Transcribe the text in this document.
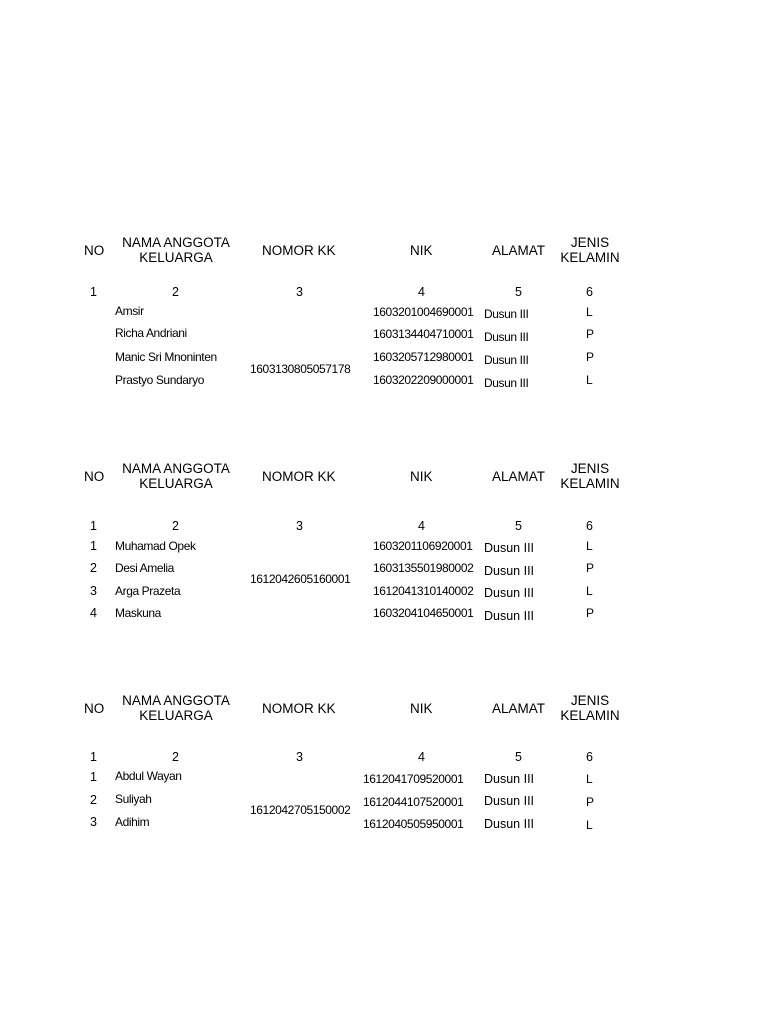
NO
NAMA ANGGOTA KELUARGA	NOMOR KK	NIK	ALAMAT
JENIS KELAMIN
1	2	3	4	5	6
1603130805057178
Amsir	1603201004690001 Dusun III	L
Richa Andriani	1603134404710001 Dusun III	P
Manic Sri Mnoninten	1603205712980001 Dusun III	P
Prastyo Sundaryo	1603202209000001 Dusun III	L
NO
NAMA ANGGOTA KELUARGA	NOMOR KK	NIK	ALAMAT
JENIS KELAMIN
1	2	3	4	5	6
1612042605160001
1 Muhamad Opek	1603201106920001 Dusun III	L
2 Desi Amelia	1603135501980002 Dusun III	P
3 Arga Prazeta	1612041310140002 Dusun III	L
4 Maskuna	1603204104650001 Dusun III	P
NO
NAMA ANGGOTA KELUARGA	NOMOR KK	NIK	ALAMAT
JENIS KELAMIN
1	2	3	4	5	6
1612042705150002
1 Abdul Wayan	1612041709520001 Dusun III	L
2 Suliyah	1612044107520001 Dusun III	P
3 Adihim	1612040505950001 Dusun III	L
